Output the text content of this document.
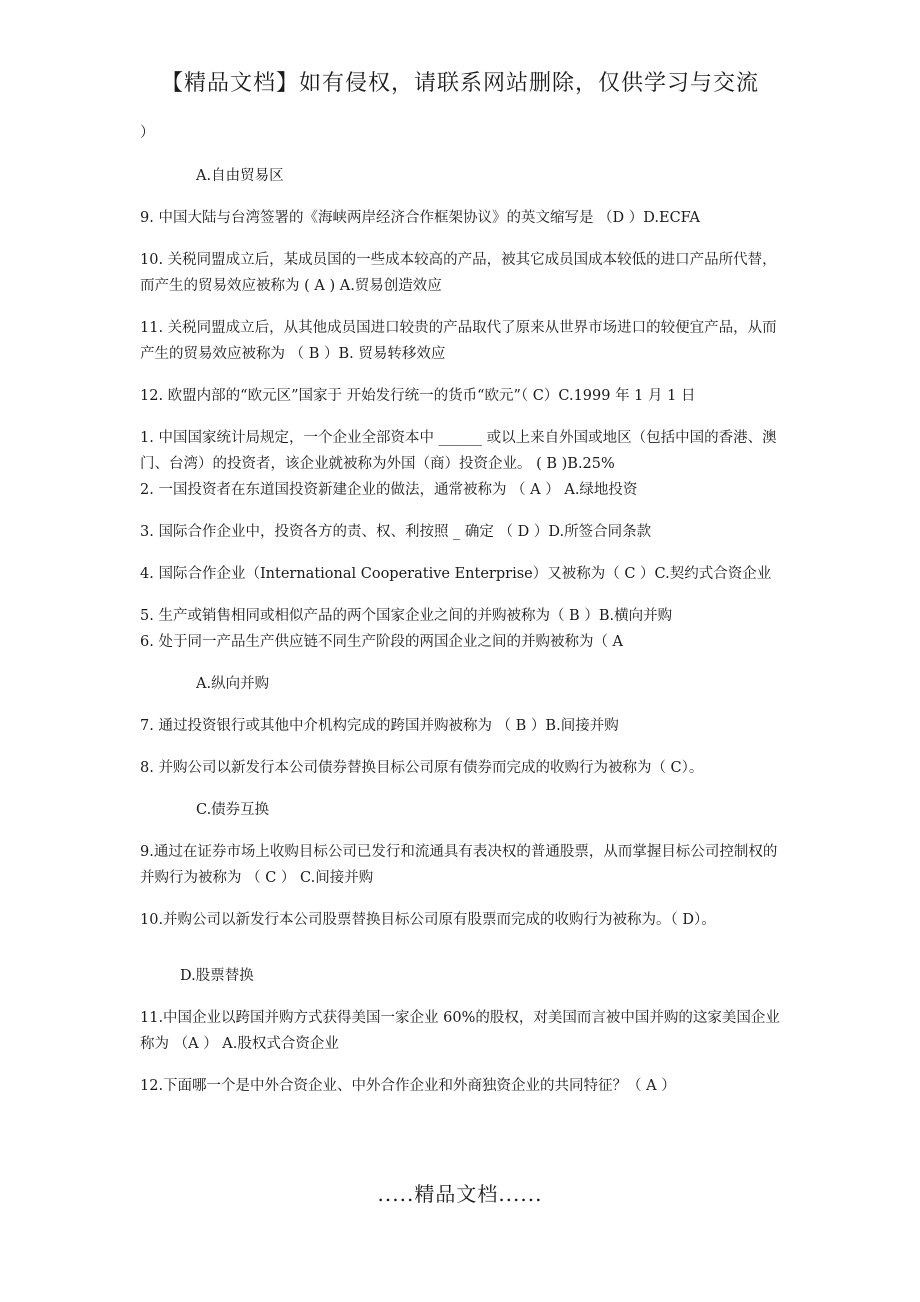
【精品文档】如有侵权，请联系网站删除，仅供学习与交流

）

A.自由贸易区

9. 中国大陆与台湾签署的《海峡两岸经济合作框架协议》的英文缩写是 （D ）D.ECFA

10. 关税同盟成立后，某成员国的一些成本较高的产品，被其它成员国成本较低的进口产品所代替，而产生的贸易效应被称为 ( A ) A.贸易创造效应

11. 关税同盟成立后，从其他成员国进口较贵的产品取代了原来从世界市场进口的较便宜产品，从而产生的贸易效应被称为 （ B ）B. 贸易转移效应

12. 欧盟内部的“欧元区”国家于 开始发行统一的货币“欧元”（ C）C.1999 年 1 月 1 日

1. 中国国家统计局规定，一个企业全部资本中 ______ 或以上来自外国或地区（包括中国的香港、澳门、台湾）的投资者，该企业就被称为外国（商）投资企业。 ( B )B.25%

2. 一国投资者在东道国投资新建企业的做法，通常被称为 （ A ） A.绿地投资

3. 国际合作企业中，投资各方的责、权、利按照 _ 确定 （ D ）D.所签合同条款

4. 国际合作企业（International Cooperative Enterprise）又被称为（ C ）C.契约式合资企业

5. 生产或销售相同或相似产品的两个国家企业之间的并购被称为（ B ）B.横向并购

6. 处于同一产品生产供应链不同生产阶段的两国企业之间的并购被称为（ A

A.纵向并购

7. 通过投资银行或其他中介机构完成的跨国并购被称为 （ B ）B.间接并购

8. 并购公司以新发行本公司债券替换目标公司原有债券而完成的收购行为被称为（ C）。

C.债券互换

9.通过在证券市场上收购目标公司已发行和流通具有表决权的普通股票，从而掌握目标公司控制权的并购行为被称为 （ C ） C.间接并购

10.并购公司以新发行本公司股票替换目标公司原有股票而完成的收购行为被称为。（ D）。

D.股票替换

11.中国企业以跨国并购方式获得美国一家企业 60%的股权，对美国而言被中国并购的这家美国企业称为 （A ） A.股权式合资企业

12.下面哪一个是中外合资企业、中外合作企业和外商独资企业的共同特征？（ A ）

.....精品文档......
